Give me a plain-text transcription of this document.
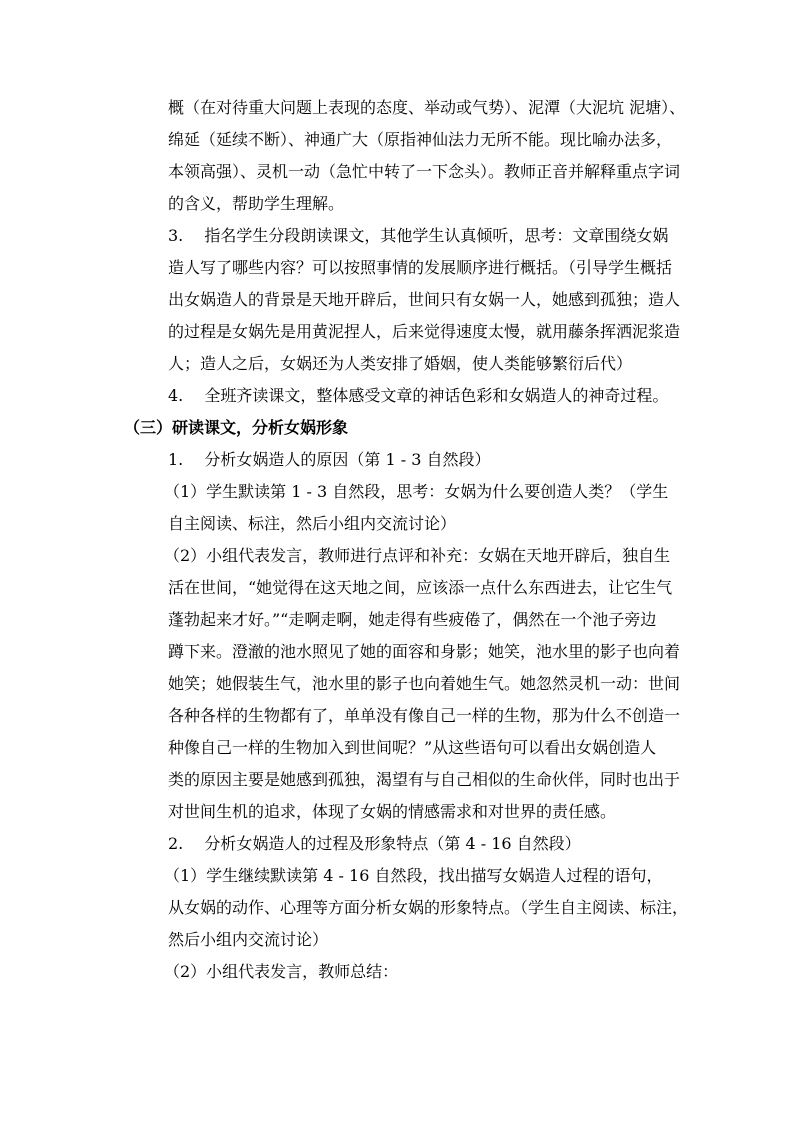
概（在对待重大问题上表现的态度、举动或气势）、泥潭（大泥坑 泥塘）、
绵延（延续不断）、神通广大（原指神仙法力无所不能。现比喻办法多，
本领高强）、灵机一动（急忙中转了一下念头）。教师正音并解释重点字词
的含义，帮助学生理解。
3.　 指名学生分段朗读课文，其他学生认真倾听，思考：文章围绕女娲
造人写了哪些内容？可以按照事情的发展顺序进行概括。（引导学生概括
出女娲造人的背景是天地开辟后，世间只有女娲一人，她感到孤独；造人
的过程是女娲先是用黄泥捏人，后来觉得速度太慢，就用藤条挥洒泥浆造
人；造人之后，女娲还为人类安排了婚姻，使人类能够繁衍后代）
4.　 全班齐读课文，整体感受文章的神话色彩和女娲造人的神奇过程。
（三）研读课文，分析女娲形象
1.　 分析女娲造人的原因（第 1 - 3 自然段）
（1）学生默读第 1 - 3 自然段，思考：女娲为什么要创造人类？（学生
自主阅读、标注，然后小组内交流讨论）
（2）小组代表发言，教师进行点评和补充：女娲在天地开辟后，独自生
活在世间，“她觉得在这天地之间，应该添一点什么东西进去，让它生气
蓬勃起来才好。”“走啊走啊，她走得有些疲倦了，偶然在一个池子旁边
蹲下来。澄澈的池水照见了她的面容和身影；她笑，池水里的影子也向着
她笑；她假装生气，池水里的影子也向着她生气。她忽然灵机一动：世间
各种各样的生物都有了，单单没有像自己一样的生物，那为什么不创造一
种像自己一样的生物加入到世间呢？”从这些语句可以看出女娲创造人
类的原因主要是她感到孤独，渴望有与自己相似的生命伙伴，同时也出于
对世间生机的追求，体现了女娲的情感需求和对世界的责任感。
2.　 分析女娲造人的过程及形象特点（第 4 - 16 自然段）
（1）学生继续默读第 4 - 16 自然段，找出描写女娲造人过程的语句，
从女娲的动作、心理等方面分析女娲的形象特点。（学生自主阅读、标注，
然后小组内交流讨论）
（2）小组代表发言，教师总结：
